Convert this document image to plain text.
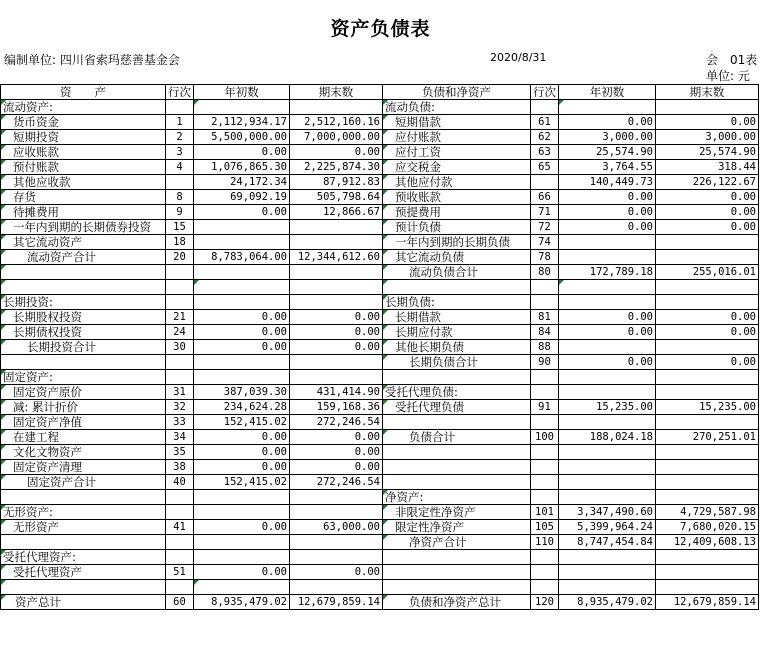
资产负债表
编制单位: 四川省索玛慈善基金会	2020/8/31	会　01表
单位: 元
资　　产	行次	年初数	期末数	负债和净资产	行次	年初数	期末数
流动资产:				流动负债:			
货币资金	1	2,112,934.17	2,512,160.16	短期借款	61	0.00	0.00
短期投资	2	5,500,000.00	7,000,000.00	应付账款	62	3,000.00	3,000.00
应收账款	3	0.00	0.00	应付工资	63	25,574.90	25,574.90
预付账款	4	1,076,865.30	2,225,874.30	应交税金	65	3,764.55	318.44
其他应收款		24,172.34	87,912.83	其他应付款		140,449.73	226,122.67
存货	8	69,092.19	505,798.64	预收账款	66	0.00	0.00
待摊费用	9	0.00	12,866.67	预提费用	71	0.00	0.00
一年内到期的长期债券投资	15			预计负债	72	0.00	0.00
其它流动资产	18			一年内到期的长期负债	74		
流动资产合计	20	8,783,064.00	12,344,612.60	其它流动负债	78		
				流动负债合计	80	172,789.18	255,016.01

长期投资:				长期负债:			
长期股权投资	21	0.00	0.00	长期借款	81	0.00	0.00
长期债权投资	24	0.00	0.00	长期应付款	84	0.00	0.00
长期投资合计	30	0.00	0.00	其他长期负债	88		
				长期负债合计	90	0.00	0.00
固定资产:							
固定资产原价	31	387,039.30	431,414.90	受托代理负债:			
减: 累计折价	32	234,624.28	159,168.36	受托代理负债	91	15,235.00	15,235.00
固定资产净值	33	152,415.02	272,246.54				
在建工程	34	0.00	0.00	负债合计	100	188,024.18	270,251.01
文化文物资产	35	0.00	0.00				
固定资产清理	38	0.00	0.00				
固定资产合计	40	152,415.02	272,246.54				
				净资产:			
无形资产:				非限定性净资产	101	3,347,490.60	4,729,587.98
无形资产	41	0.00	63,000.00	限定性净资产	105	5,399,964.24	7,680,020.15
				净资产合计	110	8,747,454.84	12,409,608.13
受托代理资产:							
受托代理资产	51	0.00	0.00				

资产总计	60	8,935,479.02	12,679,859.14	负债和净资产总计	120	8,935,479.02	12,679,859.14
